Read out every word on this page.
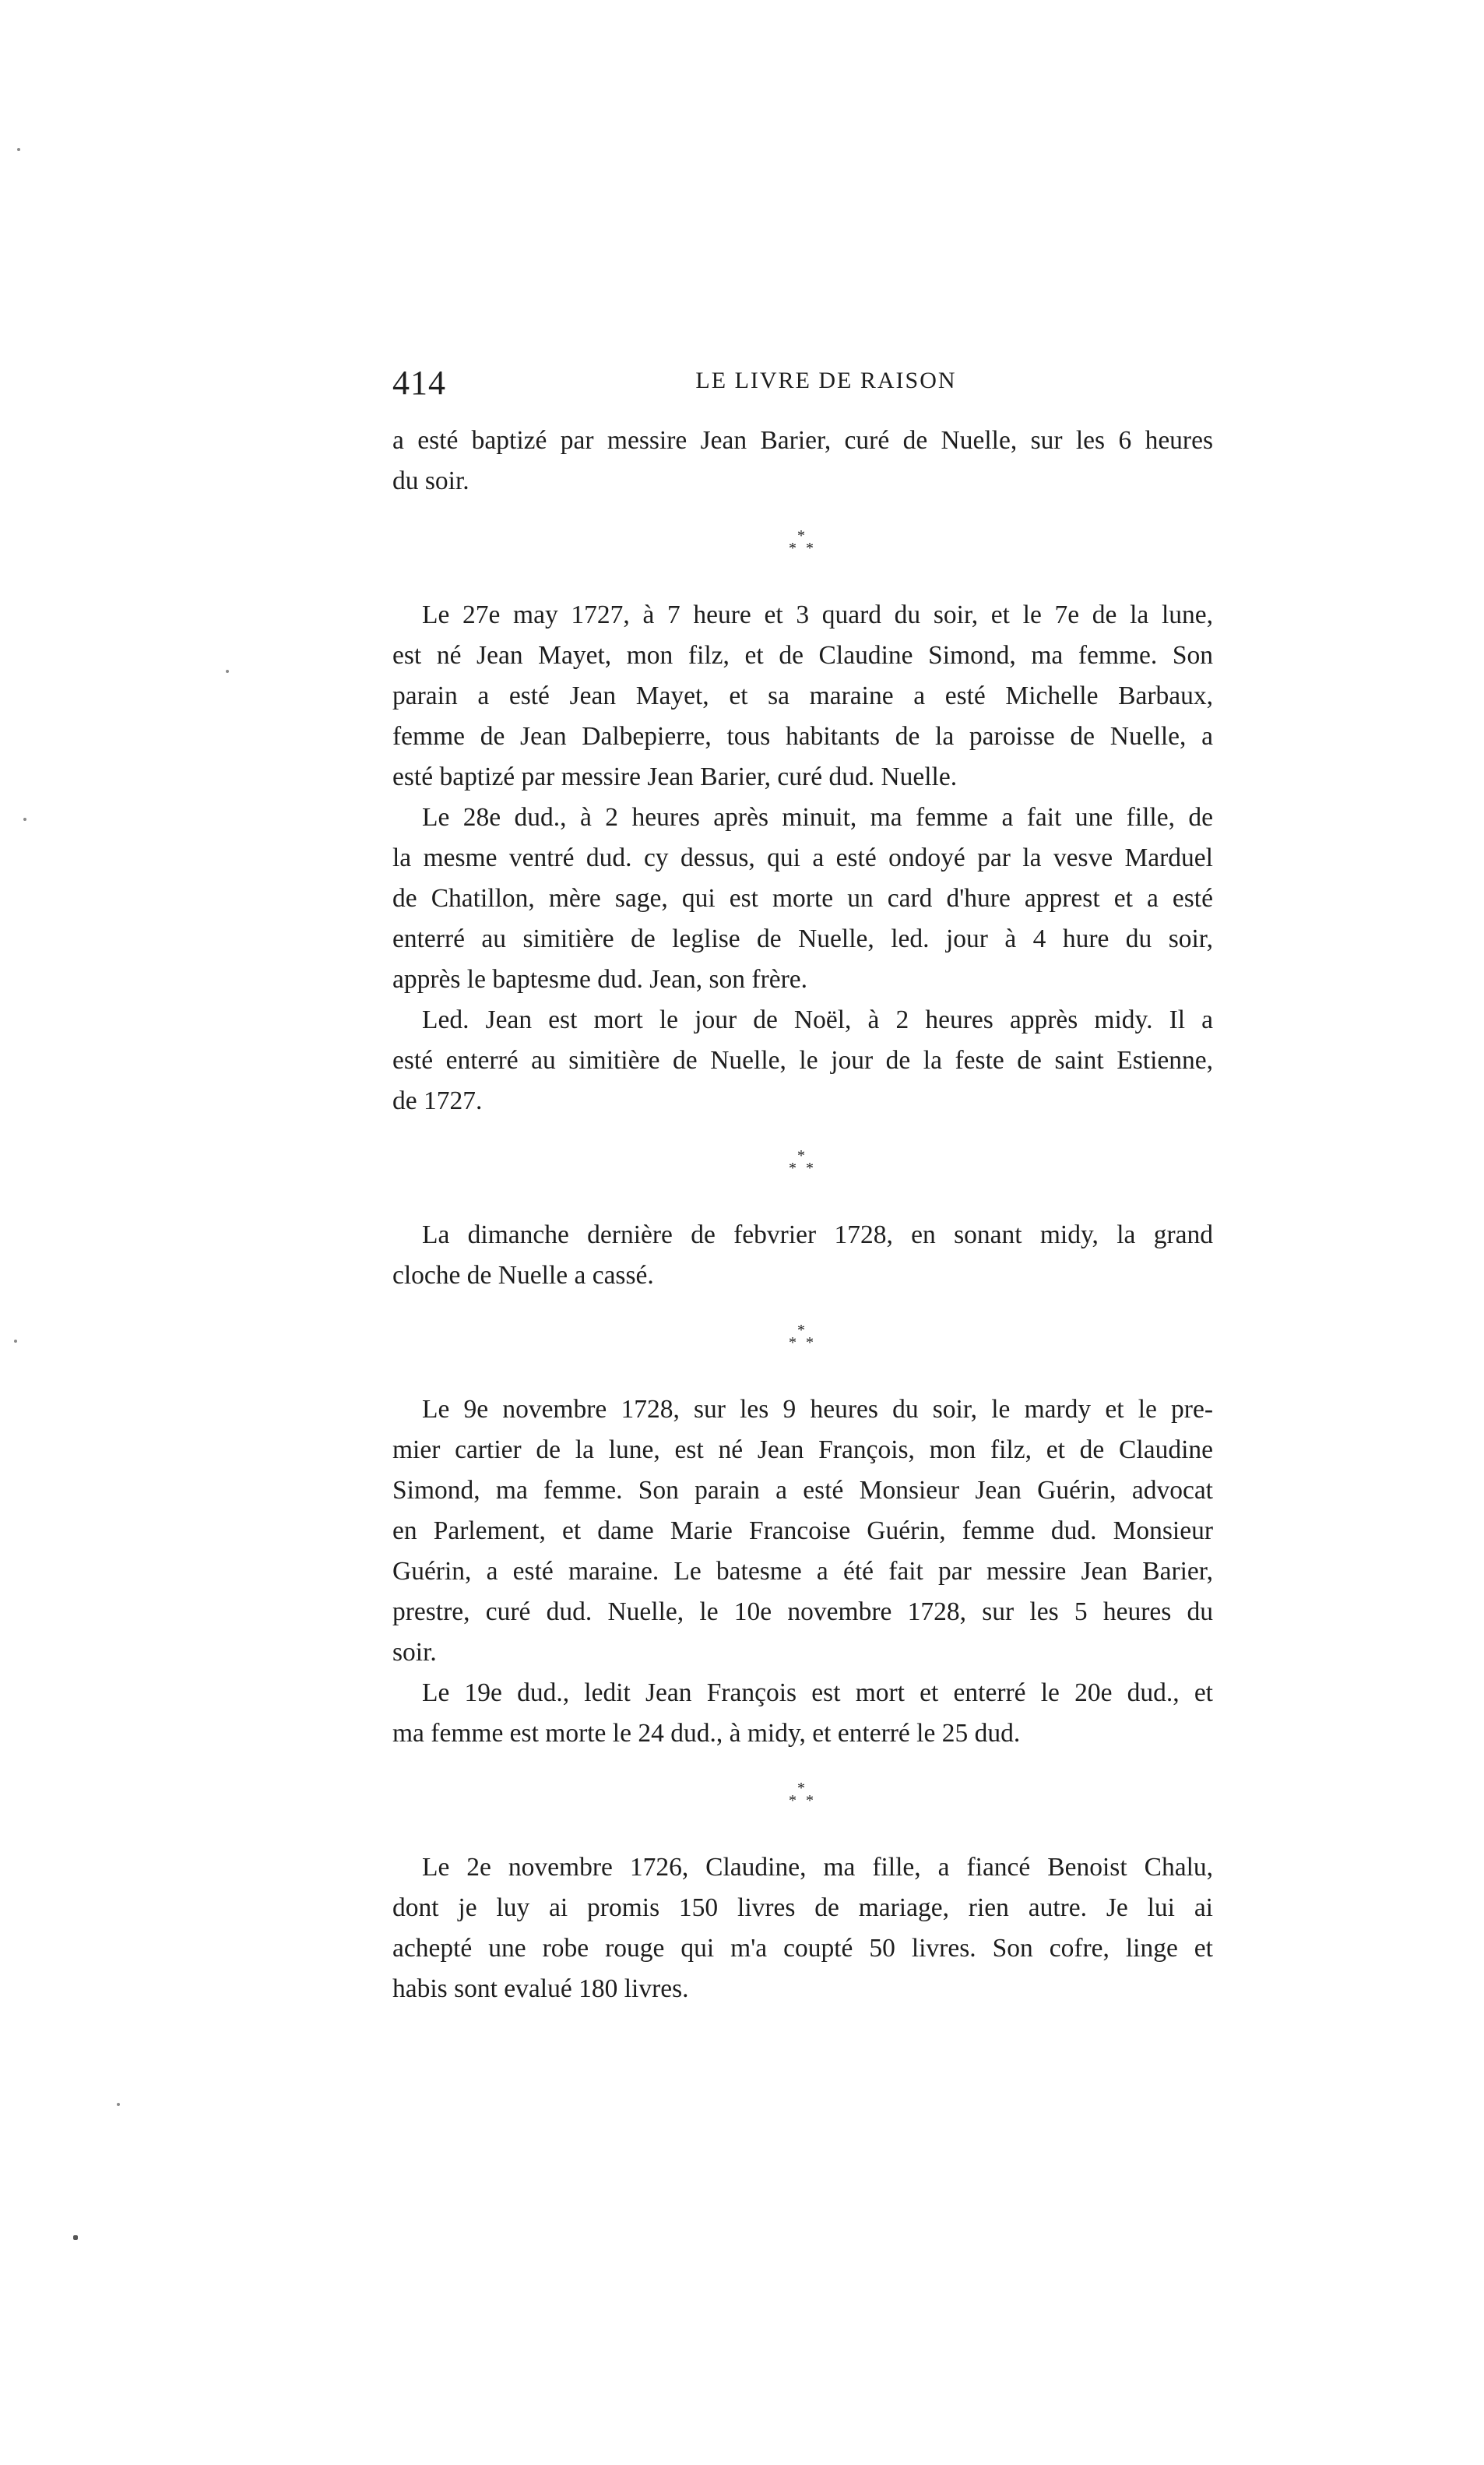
414	LE LIVRE DE RAISON
a esté baptizé par messire Jean Barier, curé de Nuelle, sur les 6 heures
du soir.
*
* *
Le 27e may 1727, à 7 heure et 3 quard du soir, et le 7e de la lune,
est né Jean Mayet, mon filz, et de Claudine Simond, ma femme. Son
parain a esté Jean Mayet, et sa maraine a esté Michelle Barbaux,
femme de Jean Dalbepierre, tous habitants de la paroisse de Nuelle, a
esté baptizé par messire Jean Barier, curé dud. Nuelle.
Le 28e dud., à 2 heures après minuit, ma femme a fait une fille, de
la mesme ventré dud. cy dessus, qui a esté ondoyé par la vesve Marduel
de Chatillon, mère sage, qui est morte un card d'hure apprest et a esté
enterré au simitière de leglise de Nuelle, led. jour à 4 hure du soir,
apprès le baptesme dud. Jean, son frère.
Led. Jean est mort le jour de Noël, à 2 heures apprès midy. Il a
esté enterré au simitière de Nuelle, le jour de la feste de saint Estienne,
de 1727.
*
* *
La dimanche dernière de febvrier 1728, en sonant midy, la grand
cloche de Nuelle a cassé.
*
* *
Le 9e novembre 1728, sur les 9 heures du soir, le mardy et le pre-
mier cartier de la lune, est né Jean François, mon filz, et de Claudine
Simond, ma femme. Son parain a esté Monsieur Jean Guérin, advocat
en Parlement, et dame Marie Francoise Guérin, femme dud. Monsieur
Guérin, a esté maraine. Le batesme a été fait par messire Jean Barier,
prestre, curé dud. Nuelle, le 10e novembre 1728, sur les 5 heures du
soir.
Le 19e dud., ledit Jean François est mort et enterré le 20e dud., et
ma femme est morte le 24 dud., à midy, et enterré le 25 dud.
*
* *
Le 2e novembre 1726, Claudine, ma fille, a fiancé Benoist Chalu,
dont je luy ai promis 150 livres de mariage, rien autre. Je lui ai
achepté une robe rouge qui m'a coupté 50 livres. Son cofre, linge et
habis sont evalué 180 livres.
